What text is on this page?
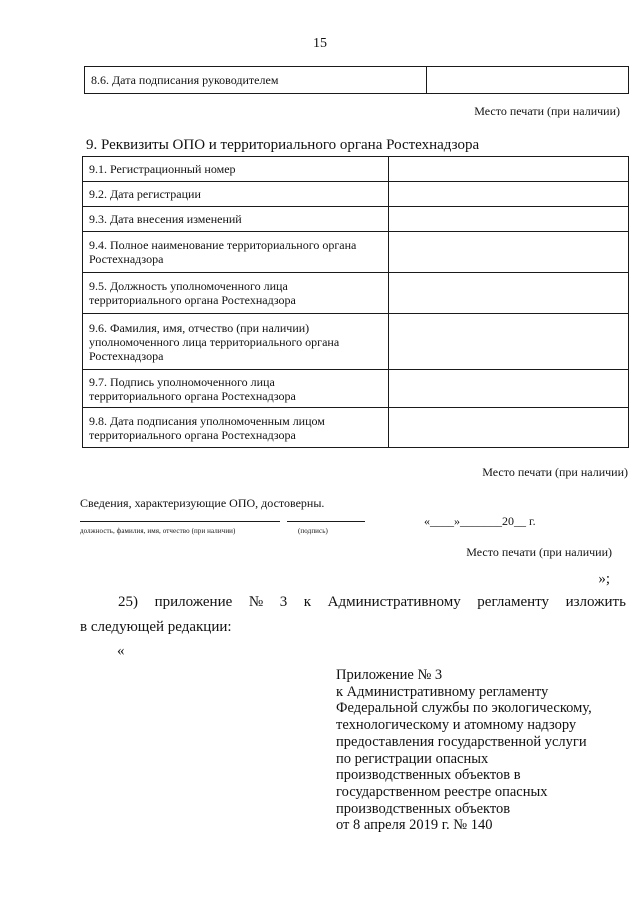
15
8.6. Дата подписания руководителем	
Место печати (при наличии)
9. Реквизиты ОПО и территориального органа Ростехнадзора
9.1. Регистрационный номер	

9.2. Дата регистрации	

9.3. Дата внесения изменений	

9.4. Полное наименование территориального органа
Ростехнадзора	

9.5. Должность уполномоченного лица
территориального органа Ростехнадзора	

9.6. Фамилия, имя, отчество (при наличии)
уполномоченного лица территориального органа
Ростехнадзора	

9.7. Подпись уполномоченного лица
территориального органа Ростехнадзора	

9.8. Дата подписания уполномоченным лицом
территориального органа Ростехнадзора	

Место печати (при наличии)
Сведения, характеризующие ОПО, достоверны.
должность, фамилия, имя, отчество (при наличии)	(подпись)
«____»_______20__ г.
Место печати (при наличии)
»;
25) приложение № 3 к Административному регламенту изложить
в следующей редакции:
«
Приложение № 3
к Административному регламенту
Федеральной службы по экологическому,
технологическому и атомному надзору
предоставления государственной услуги
по регистрации опасных
производственных объектов в
государственном реестре опасных
производственных объектов
от 8 апреля 2019 г. № 140
